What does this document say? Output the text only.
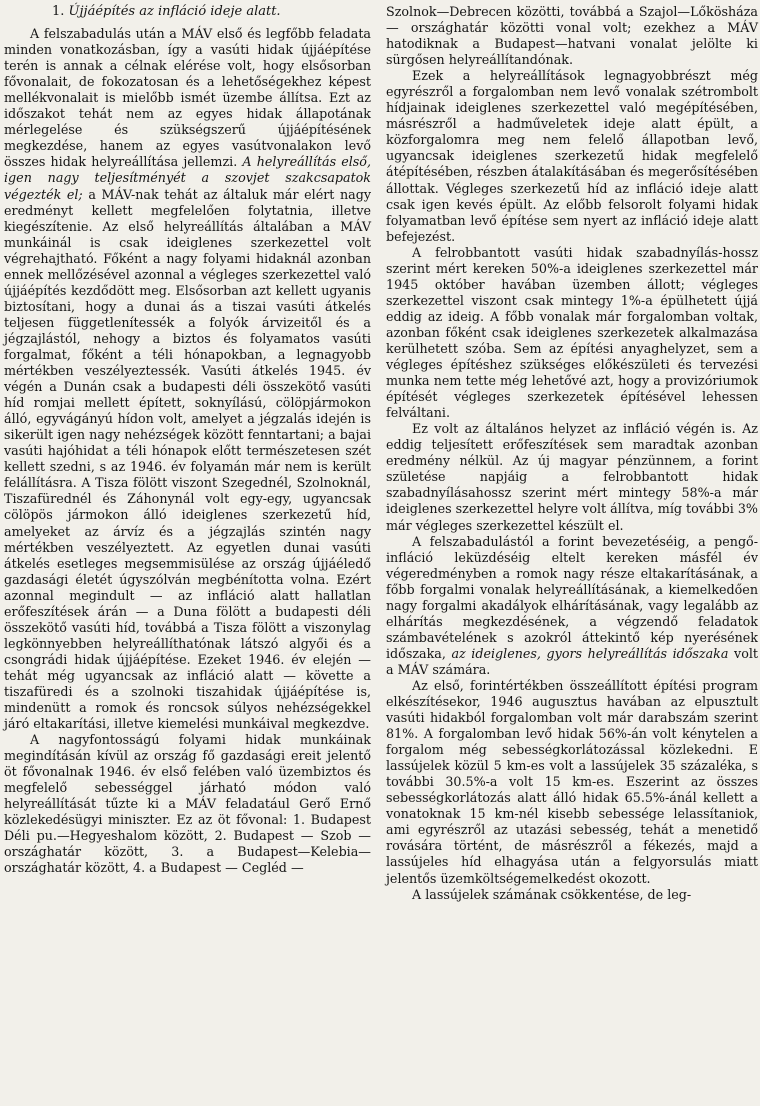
1. Újjáépítés az infláció ideje alatt.

A felszabadulás után a MÁV első és legfőbb feladata minden vonatkozásban, így a vasúti hidak újjáépítése terén is annak a célnak elérése volt, hogy elsősorban fővonalait, de fokozatosan és a lehetőségekhez képest mellékvonalait is mielőbb ismét üzembe állítsa. Ezt az időszakot tehát nem az egyes hidak állapotának mérlegelése és szükségszerű újjáépítésének megkezdése, hanem az egyes vasútvonalakon levő összes hidak helyreállítása jellemzi. A helyreállítás első, igen nagy teljesítményét a szovjet szakcsapatok végezték el; a MÁV-nak tehát az általuk már elért nagy eredményt kellett megfelelően folytatnia, illetve kiegészítenie. Az első helyreállítás általában a MÁV munkáinál is csak ideiglenes szerkezettel volt végrehajtható. Főként a nagy folyami hidaknál azonban ennek mellőzésével azonnal a végleges szerkezettel való újjáépítés kezdődött meg. Elsősorban azt kellett ugyanis biztosítani, hogy a dunai ás a tiszai vasúti átkelés teljesen függetlenítessék a folyók árvizeitől és a jégzajlástól, nehogy a biztos és folyamatos vasúti forgalmat, főként a téli hónapokban, a legnagyobb mértékben veszélyeztessék. Vasúti átkelés 1945. év végén a Dunán csak a budapesti déli összekötő vasúti híd romjai mellett épített, soknyílású, cölöpjármokon álló, egyvágányú hídon volt, amelyet a jégzalás idején is sikerült igen nagy nehézségek között fenntartani; a bajai vasúti hajóhidat a téli hónapok előtt természetesen szét kellett szedni, s az 1946. év folyamán már nem is került felállításra. A Tisza fölött viszont Szegednél, Szolnoknál, Tiszafürednél és Záhonynál volt egy-egy, ugyancsak cölöpös jármokon álló ideiglenes szerkezetű híd, amelyeket az árvíz és a jégzajlás szintén nagy mértékben veszélyeztett. Az egyetlen dunai vasúti átkelés esetleges megsemmisülése az ország újjáéledő gazdasági életét úgyszólván megbénította volna. Ezért azonnal megindult — az infláció alatt hallatlan erőfeszítések árán — a Duna fölött a budapesti déli összekötő vasúti híd, továbbá a Tisza fölött a viszonylag legkönnyebben helyreállíthatónak látszó algyői és a csongrádi hidak újjáépítése. Ezeket 1946. év elején — tehát még ugyancsak az infláció alatt — követte a tiszafüredi és a szolnoki tiszahidak újjáépítése is, mindenütt a romok és roncsok súlyos nehézségekkel járó eltakarítási, illetve kiemelési munkáival megkezdve.

A nagyfontosságú folyami hidak munkáinak megindításán kívül az ország fő gazdasági ereit jelentő öt fővonalnak 1946. év első felében való üzembiztos és megfelelő sebességgel járható módon való helyreállítását tűzte ki a MÁV feladatául Gerő Ernő közlekedésügyi miniszter. Ez az öt fővonal: 1. Budapest Déli pu.—Hegyeshalom között, 2. Budapest — Szob — országhatár között, 3. a Budapest—Kelebia—országhatár között, 4. a Budapest — Cegléd —

Szolnok—Debrecen közötti, továbbá a Szajol—Lőkösháza — országhatár közötti vonal volt; ezekhez a MÁV hatodiknak a Budapest—hatvani vonalat jelölte ki sürgősen helyreállítandónak.

Ezek a helyreállítások legnagyobbrészt még egyrészről a forgalomban nem levő vonalak szétrombolt hídjainak ideiglenes szerkezettel való megépítésében, másrészről a hadműveletek ideje alatt épült, a közforgalomra meg nem felelő állapotban levő, ugyancsak ideiglenes szerkezetű hidak megfelelő átépítésében, részben átalakításában és megerősítésében állottak. Végleges szerkezetű híd az infláció ideje alatt csak igen kevés épült. Az előbb felsorolt folyami hidak folyamatban levő építése sem nyert az infláció ideje alatt befejezést.

A felrobbantott vasúti hidak szabadnyílás-hossz szerint mért kereken 50%-a ideiglenes szerkezettel már 1945 október havában üzemben állott; végleges szerkezettel viszont csak mintegy 1%-a épülhetett újjá eddig az ideig. A főbb vonalak már forgalomban voltak, azonban főként csak ideiglenes szerkezetek alkalmazása kerülhetett szóba. Sem az építési anyaghelyzet, sem a végleges építéshez szükséges előkészületi és tervezési munka nem tette még lehetővé azt, hogy a provizóriumok építését végleges szerkezetek építésével lehessen felváltani.

Ez volt az általános helyzet az infláció végén is. Az eddig teljesített erőfeszítések sem maradtak azonban eredmény nélkül. Az új magyar pénzünnem, a forint születése napjáig a felrobbantott hidak szabadnyílásahossz szerint mért mintegy 58%-a már ideiglenes szerkezettel helyre volt állítva, míg további 3% már végleges szerkezettel készült el.

A felszabadulástól a forint bevezetéséig, a pengő-infláció leküzdéséig eltelt kereken másfél év végeredményben a romok nagy része eltakarításának, a főbb forgalmi vonalak helyreállításának, a kiemelkedően nagy forgalmi akadályok elhárításának, vagy legalább az elhárítás megkezdésének, a végzendő feladatok számbavételének s azokról áttekintő kép nyerésének időszaka, az ideiglenes, gyors helyreállítás időszaka volt a MÁV számára.

Az első, forintértékben összeállított építési program elkészítésekor, 1946 augusztus havában az elpusztult vasúti hidakból forgalomban volt már darabszám szerint 81%. A forgalomban levő hidak 56%-án volt kénytelen a forgalom még sebességkorlátozással közlekedni. E lassújelek közül 5 km-es volt a lassújelek 35 százaléka, s további 30.5%-a volt 15 km-es. Eszerint az összes sebességkorlátozás alatt álló hidak 65.5%-ánál kellett a vonatoknak 15 km-nél kisebb sebessége lelassítaniok, ami egyrészről az utazási sebesség, tehát a menetidő rovására történt, de másrészről a fékezés, majd a lassújeles híd elhagyása után a felgyorsulás miatt jelentős üzemköltségemelkedést okozott.

A lassújelek számának csökkentése, de leg-
